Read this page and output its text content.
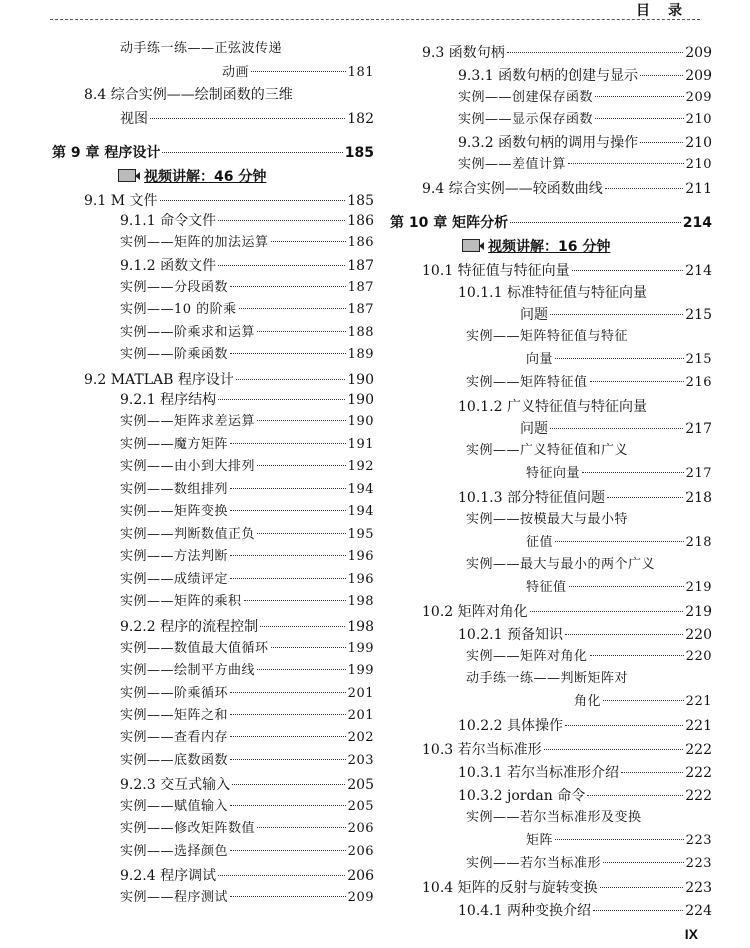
目录
动手练一练——正弦波传递
动画	181
8.4 综合实例——绘制函数的三维
视图	182
第 9 章 程序设计	185
视频讲解：46 分钟
9.1 M 文件	185
9.1.1 命令文件	186
实例——矩阵的加法运算	186
9.1.2 函数文件	187
实例——分段函数	187
实例——10 的阶乘	187
实例——阶乘求和运算	188
实例——阶乘函数	189
9.2 MATLAB 程序设计	190
9.2.1 程序结构	190
实例——矩阵求差运算	190
实例——魔方矩阵	191
实例——由小到大排列	192
实例——数组排列	194
实例——矩阵变换	194
实例——判断数值正负	195
实例——方法判断	196
实例——成绩评定	196
实例——矩阵的乘积	198
9.2.2 程序的流程控制	198
实例——数值最大值循环	199
实例——绘制平方曲线	199
实例——阶乘循环	201
实例——矩阵之和	201
实例——查看内存	202
实例——底数函数	203
9.2.3 交互式输入	205
实例——赋值输入	205
实例——修改矩阵数值	206
实例——选择颜色	206
9.2.4 程序调试	206
实例——程序测试	209
9.3 函数句柄	209
9.3.1 函数句柄的创建与显示	209
实例——创建保存函数	209
实例——显示保存函数	210
9.3.2 函数句柄的调用与操作	210
实例——差值计算	210
9.4 综合实例——较函数曲线	211
第 10 章 矩阵分析	214
视频讲解：16 分钟
10.1 特征值与特征向量	214
10.1.1 标准特征值与特征向量
问题	215
实例——矩阵特征值与特征
向量	215
实例——矩阵特征值	216
10.1.2 广义特征值与特征向量
问题	217
实例——广义特征值和广义
特征向量	217
10.1.3 部分特征值问题	218
实例——按模最大与最小特
征值	218
实例——最大与最小的两个广义
特征值	219
10.2 矩阵对角化	219
10.2.1 预备知识	220
实例——矩阵对角化	220
动手练一练——判断矩阵对
角化	221
10.2.2 具体操作	221
10.3 若尔当标准形	222
10.3.1 若尔当标准形介绍	222
10.3.2 jordan 命令	222
实例——若尔当标准形及变换
矩阵	223
实例——若尔当标准形	223
10.4 矩阵的反射与旋转变换	223
10.4.1 两种变换介绍	224
IX
